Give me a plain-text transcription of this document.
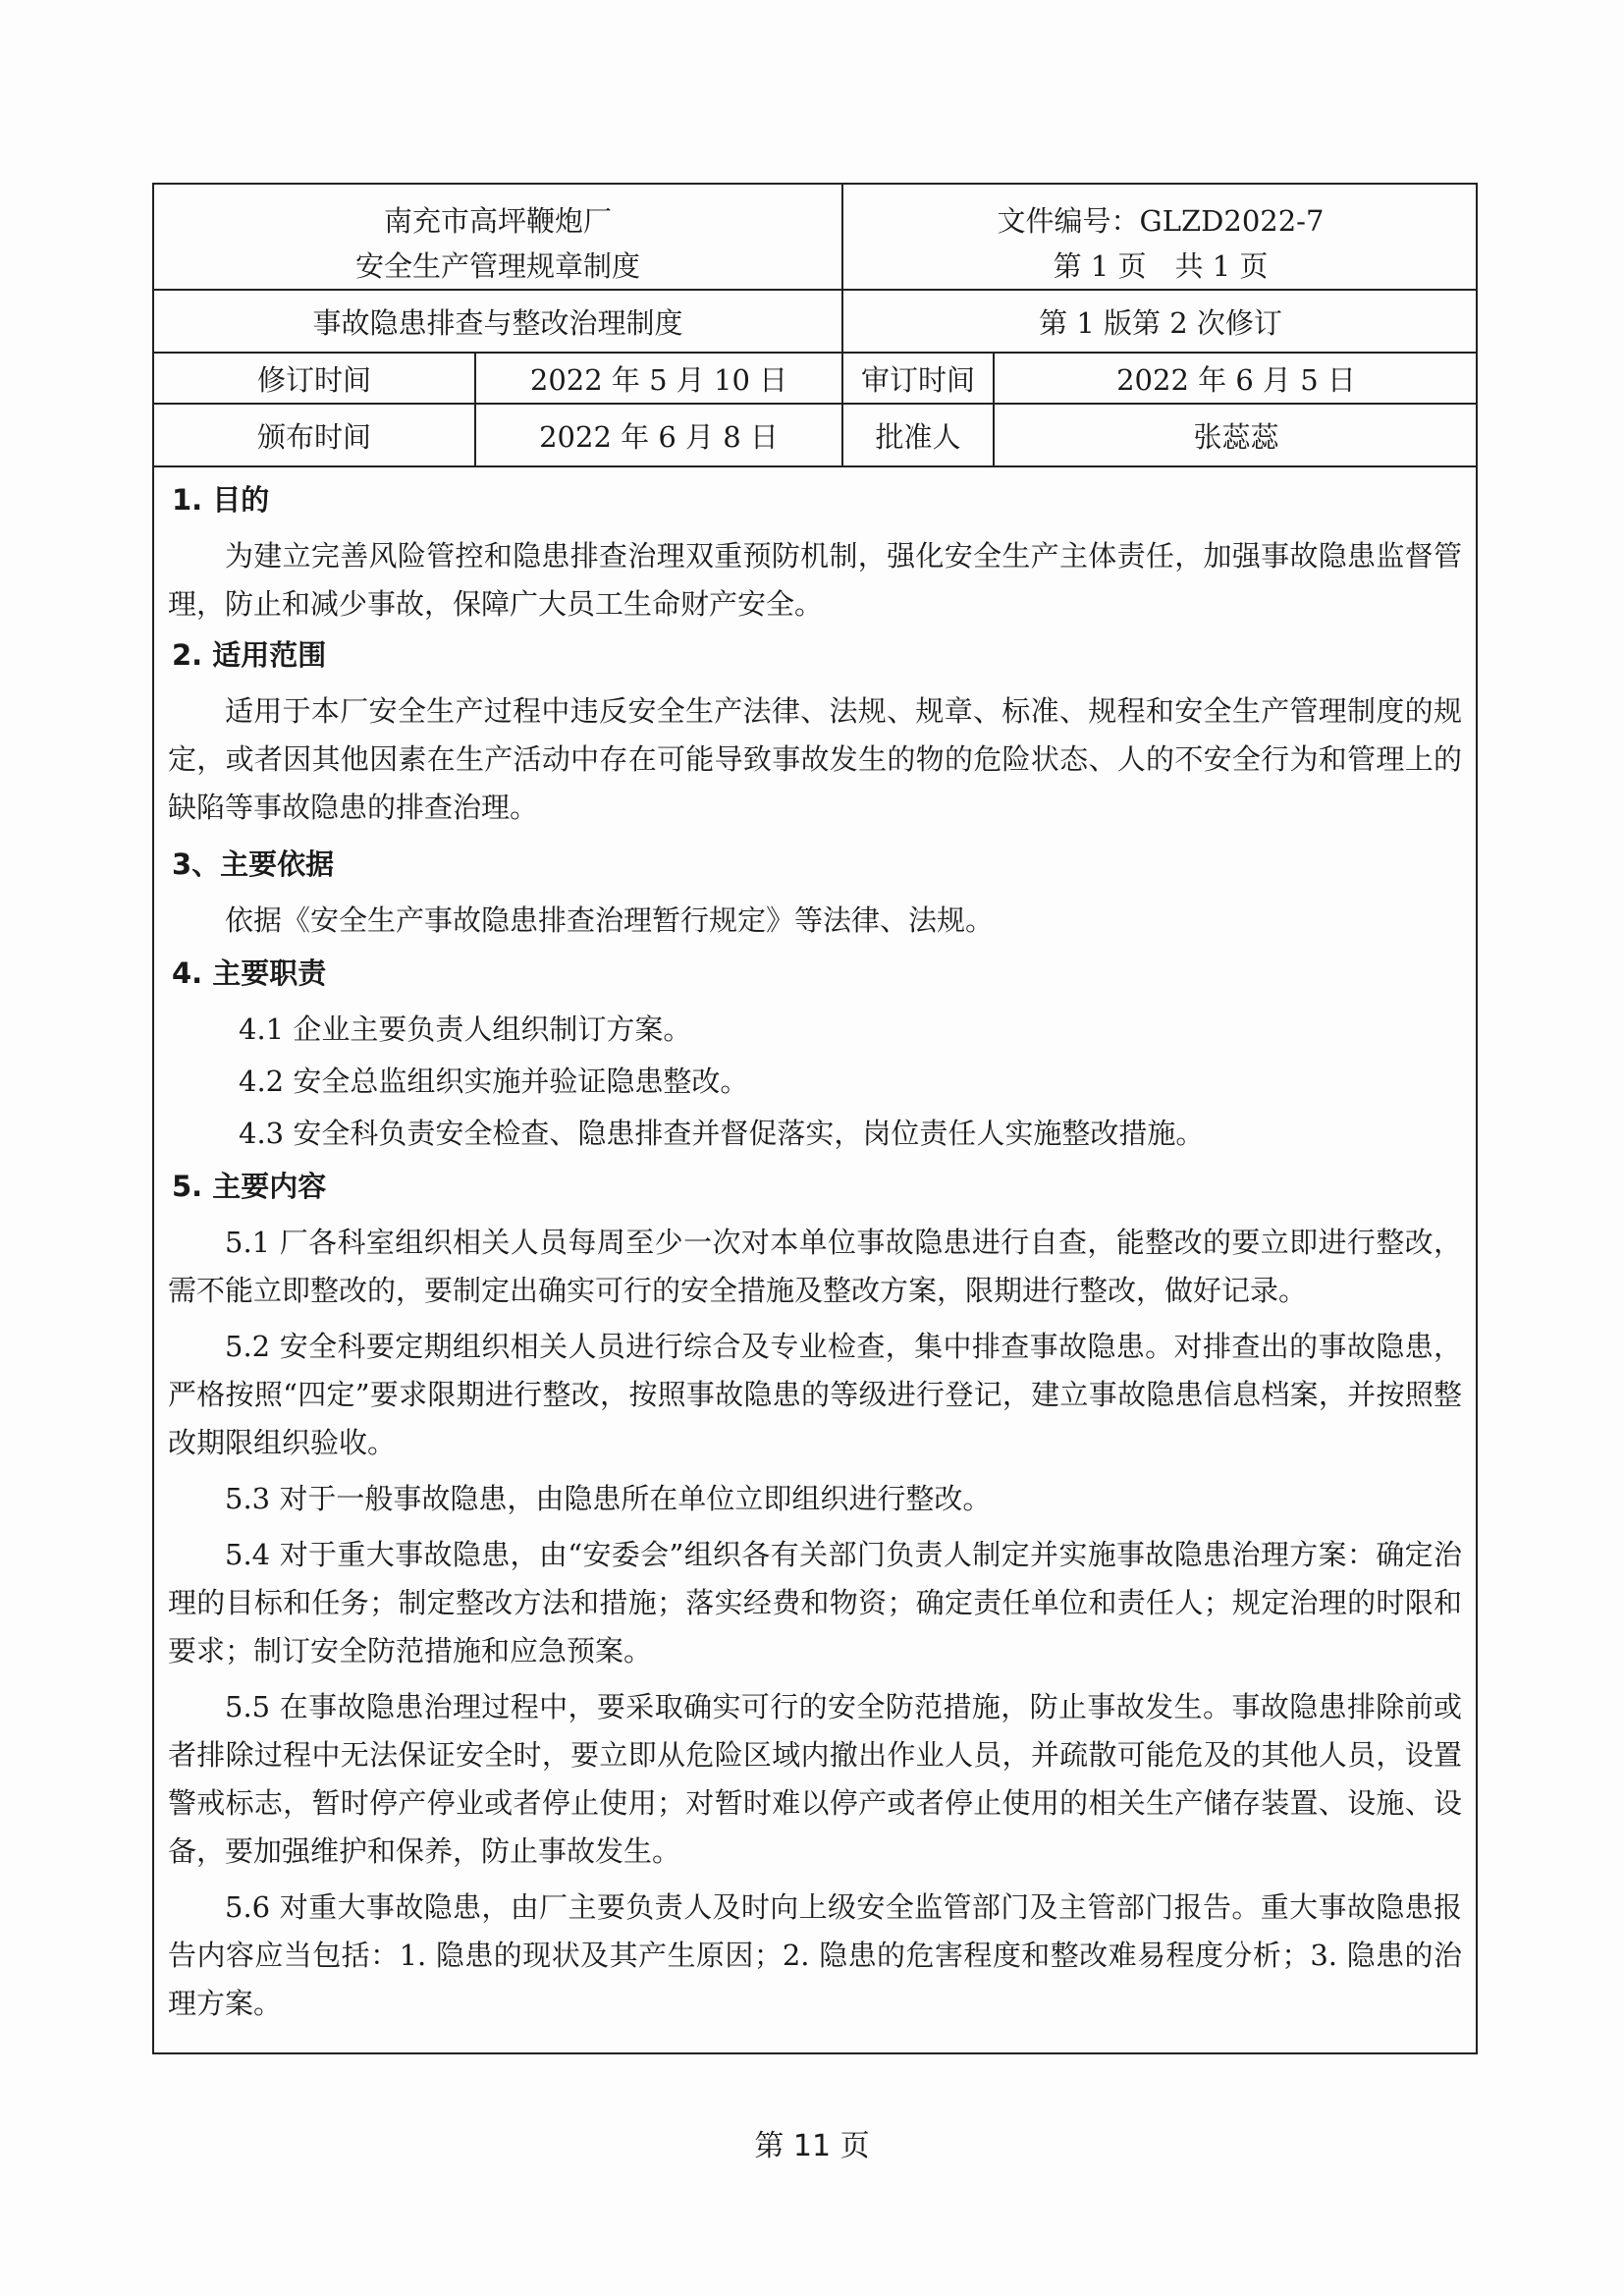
南充市高坪鞭炮厂
安全生产管理规章制度
文件编号：GLZD2022-7
第 1 页　共 1 页
事故隐患排查与整改治理制度	第 1 版第 2 次修订
修订时间	2022 年 5 月 10 日	审订时间	2022 年 6 月 5 日
颁布时间	2022 年 6 月 8 日	批准人	张蕊蕊
1. 目的

为建立完善风险管控和隐患排查治理双重预防机制，强化安全生产主体责任，加强事故隐患监督管理，防止和减少事故，保障广大员工生命财产安全。

2. 适用范围

适用于本厂安全生产过程中违反安全生产法律、法规、规章、标准、规程和安全生产管理制度的规定，或者因其他因素在生产活动中存在可能导致事故发生的物的危险状态、人的不安全行为和管理上的缺陷等事故隐患的排查治理。

3、主要依据

依据《安全生产事故隐患排查治理暂行规定》等法律、法规。

4. 主要职责

4.1 企业主要负责人组织制订方案。

4.2 安全总监组织实施并验证隐患整改。

4.3 安全科负责安全检查、隐患排查并督促落实，岗位责任人实施整改措施。

5. 主要内容

5.1 厂各科室组织相关人员每周至少一次对本单位事故隐患进行自查，能整改的要立即进行整改，需不能立即整改的，要制定出确实可行的安全措施及整改方案，限期进行整改，做好记录。

5.2 安全科要定期组织相关人员进行综合及专业检查，集中排查事故隐患。对排查出的事故隐患，严格按照“四定”要求限期进行整改，按照事故隐患的等级进行登记，建立事故隐患信息档案，并按照整改期限组织验收。

5.3 对于一般事故隐患，由隐患所在单位立即组织进行整改。

5.4 对于重大事故隐患，由“安委会”组织各有关部门负责人制定并实施事故隐患治理方案：确定治理的目标和任务；制定整改方法和措施；落实经费和物资；确定责任单位和责任人；规定治理的时限和要求；制订安全防范措施和应急预案。

5.5 在事故隐患治理过程中，要采取确实可行的安全防范措施，防止事故发生。事故隐患排除前或者排除过程中无法保证安全时，要立即从危险区域内撤出作业人员，并疏散可能危及的其他人员，设置警戒标志，暂时停产停业或者停止使用；对暂时难以停产或者停止使用的相关生产储存装置、设施、设备，要加强维护和保养，防止事故发生。

5.6 对重大事故隐患，由厂主要负责人及时向上级安全监管部门及主管部门报告。重大事故隐患报告内容应当包括：1. 隐患的现状及其产生原因；2. 隐患的危害程度和整改难易程度分析；3. 隐患的治理方案。

第 11 页
